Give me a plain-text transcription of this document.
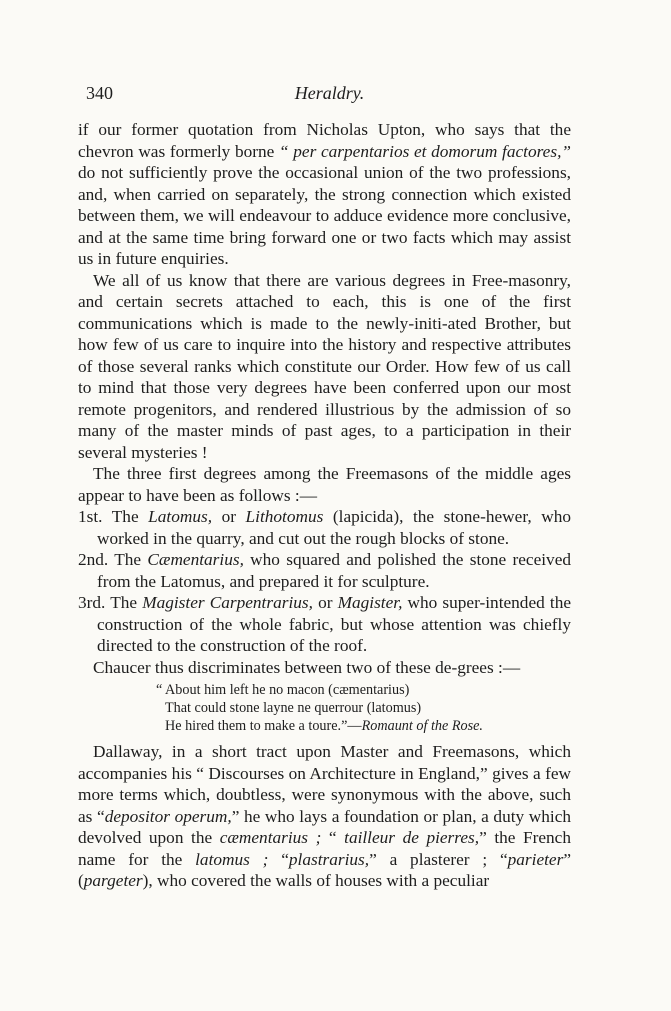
340	Heraldry.

if our former quotation from Nicholas Upton, who says that the chevron was formerly borne “ per carpentarios et domorum factores,” do not sufficiently prove the occasional union of the two professions, and, when carried on separately, the strong connection which existed between them, we will endeavour to adduce evidence more conclusive, and at the same time bring forward one or two facts which may assist us in future enquiries.

We all of us know that there are various degrees in Free-masonry, and certain secrets attached to each, this is one of the first communications which is made to the newly-initi-ated Brother, but how few of us care to inquire into the history and respective attributes of those several ranks which constitute our Order. How few of us call to mind that those very degrees have been conferred upon our most remote progenitors, and rendered illustrious by the admission of so many of the master minds of past ages, to a participation in their several mysteries !

The three first degrees among the Freemasons of the middle ages appear to have been as follows :—

1st. The Latomus, or Lithotomus (lapicida), the stone-hewer, who worked in the quarry, and cut out the rough blocks of stone.

2nd. The Cæmentarius, who squared and polished the stone received from the Latomus, and prepared it for sculpture.

3rd. The Magister Carpentrarius, or Magister, who super-intended the construction of the whole fabric, but whose attention was chiefly directed to the construction of the roof.

Chaucer thus discriminates between two of these de-grees :—

“ About him left he no macon (cæmentarius)
That could stone layne ne querrour (latomus)
He hired them to make a toure.”—Romaunt of the Rose.

Dallaway, in a short tract upon Master and Freemasons, which accompanies his “ Discourses on Architecture in England,” gives a few more terms which, doubtless, were synonymous with the above, such as “depositor operum,” he who lays a foundation or plan, a duty which devolved upon the cæmentarius ; “ tailleur de pierres,” the French name for the latomus ; “plastrarius,” a plasterer ; “parieter” (pargeter), who covered the walls of houses with a peculiar
